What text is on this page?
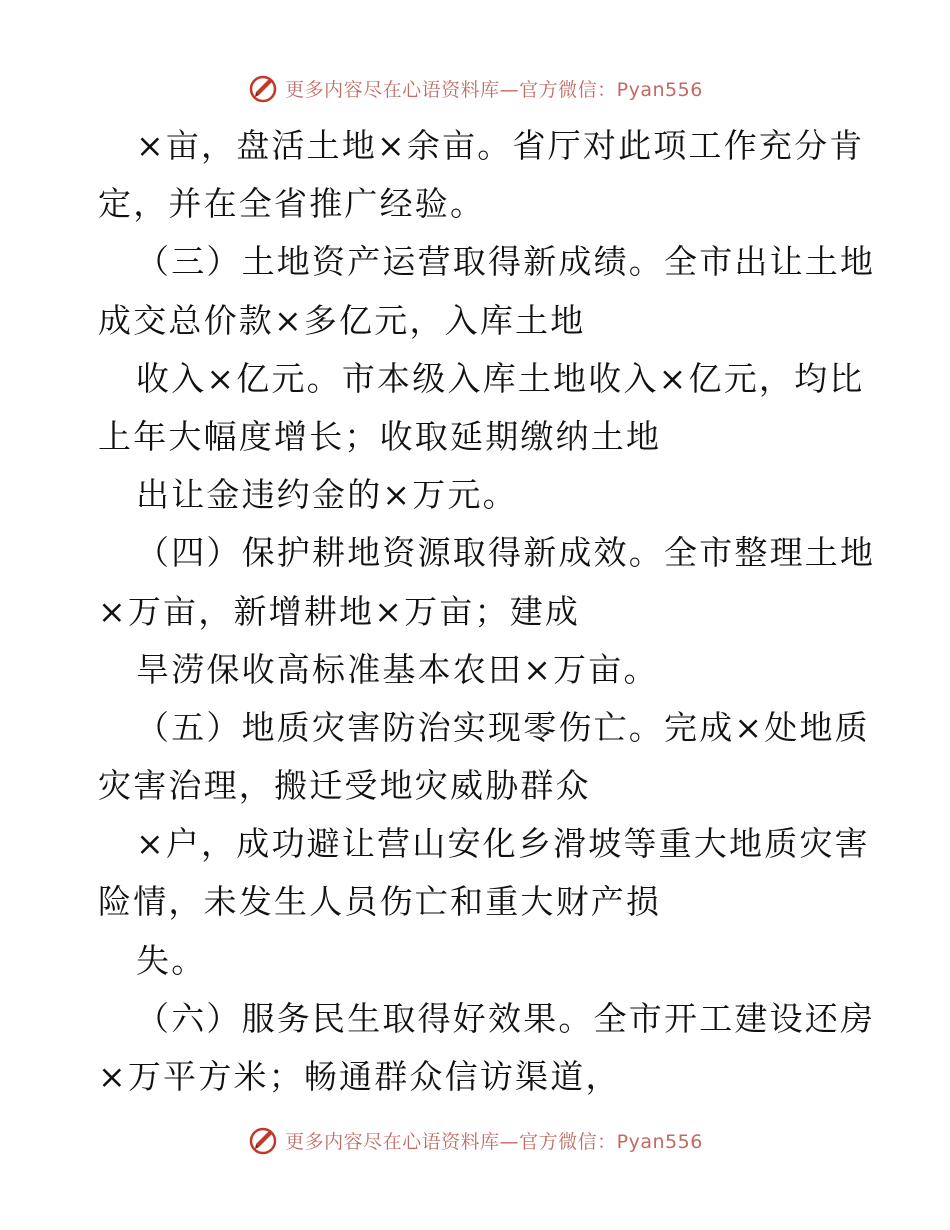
更多内容尽在心语资料库—官方微信：Pyan556
×亩，盘活土地×余亩。省厅对此项工作充分肯
定，并在全省推广经验。
（三）土地资产运营取得新成绩。全市出让土地
成交总价款×多亿元，入库土地
收入×亿元。市本级入库土地收入×亿元，均比
上年大幅度增长；收取延期缴纳土地
出让金违约金的×万元。
（四）保护耕地资源取得新成效。全市整理土地
×万亩，新增耕地×万亩；建成
旱涝保收高标准基本农田×万亩。
（五）地质灾害防治实现零伤亡。完成×处地质
灾害治理，搬迁受地灾威胁群众
×户，成功避让营山安化乡滑坡等重大地质灾害
险情，未发生人员伤亡和重大财产损
失。
（六）服务民生取得好效果。全市开工建设还房
×万平方米；畅通群众信访渠道，
更多内容尽在心语资料库—官方微信：Pyan556
